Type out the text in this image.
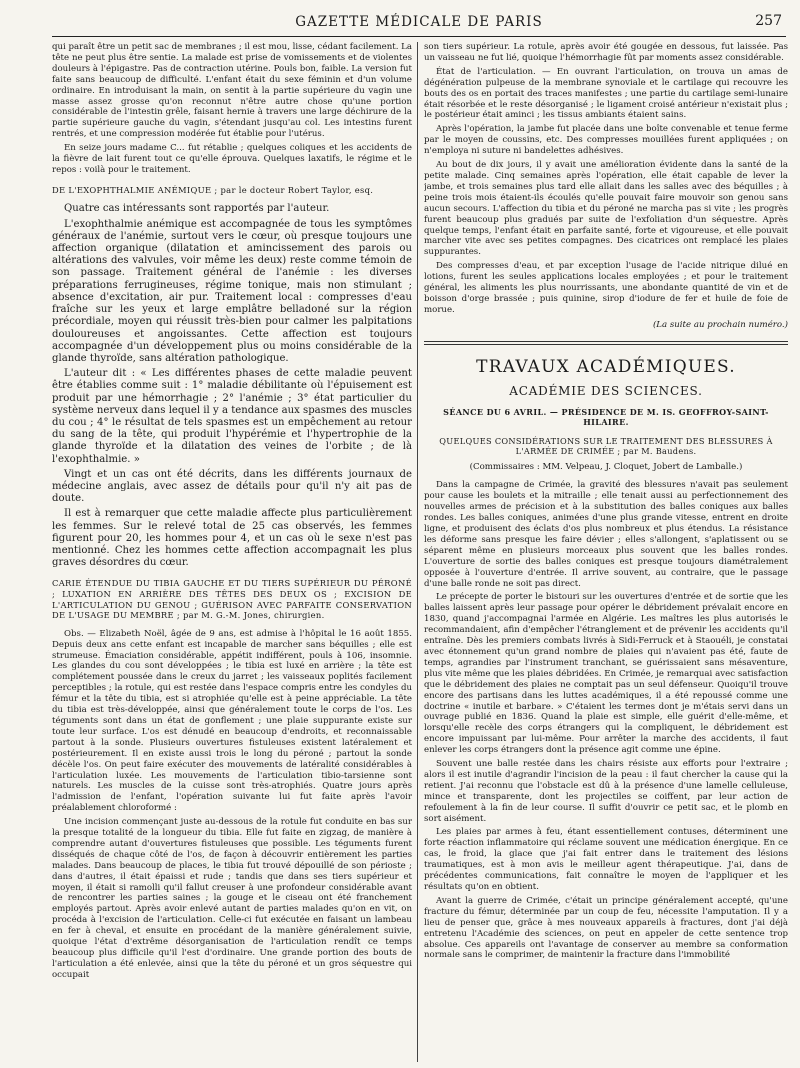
GAZETTE MÉDICALE DE PARIS	257

qui paraît être un petit sac de membranes ; il est mou, lisse, cédant facilement. La tête ne peut plus être sentie. La malade est prise de vomissements et de violentes douleurs à l'épigastre. Pas de contraction utérine. Pouls bon, faible. La version fut faite sans beaucoup de difficulté. L'enfant était du sexe féminin et d'un volume ordinaire. En introduisant la main, on sentit à la partie supérieure du vagin une masse assez grosse qu'on reconnut n'être autre chose qu'une portion considérable de l'intestin grêle, faisant hernie à travers une large déchirure de la partie supérieure gauche du vagin, s'étendant jusqu'au col. Les intestins furent rentrés, et une compression modérée fut établie pour l'utérus.

En seize jours madame C... fut rétablie ; quelques coliques et les accidents de la fièvre de lait furent tout ce qu'elle éprouva. Quelques laxatifs, le régime et le repos : voilà pour le traitement.

DE L'EXOPHTHALMIE ANÉMIQUE ; par le docteur Robert Taylor, esq.

Quatre cas intéressants sont rapportés par l'auteur.

L'exophthalmie anémique est accompagnée de tous les symptômes généraux de l'anémie, surtout vers le cœur, où presque toujours une affection organique (dilatation et amincissement des parois ou altérations des valvules, voir même les deux) reste comme témoin de son passage. Traitement général de l'anémie : les diverses préparations ferrugineuses, régime tonique, mais non stimulant ; absence d'excitation, air pur. Traitement local : compresses d'eau fraîche sur les yeux et large emplâtre belladoné sur la région précordiale, moyen qui réussit très-bien pour calmer les palpitations douloureuses et angoissantes. Cette affection est toujours accompagnée d'un développement plus ou moins considérable de la glande thyroïde, sans altération pathologique.

L'auteur dit : « Les différentes phases de cette maladie peuvent être établies comme suit : 1° maladie débilitante où l'épuisement est produit par une hémorrhagie ; 2° l'anémie ; 3° état particulier du système nerveux dans lequel il y a tendance aux spasmes des muscles du cou ; 4° le résultat de tels spasmes est un empêchement au retour du sang de la tête, qui produit l'hypérémie et l'hypertrophie de la glande thyroïde et la dilatation des veines de l'orbite ; de là l'exophthalmie. »

Vingt et un cas ont été décrits, dans les différents journaux de médecine anglais, avec assez de détails pour qu'il n'y ait pas de doute.

Il est à remarquer que cette maladie affecte plus particulièrement les femmes. Sur le relevé total de 25 cas observés, les femmes figurent pour 20, les hommes pour 4, et un cas où le sexe n'est pas mentionné. Chez les hommes cette affection accompagnait les plus graves désordres du cœur.

CARIE ÉTENDUE DU TIBIA GAUCHE ET DU TIERS SUPÉRIEUR DU PÉRONÉ ; LUXATION EN ARRIÈRE DES TÊTES DES DEUX OS ; EXCISION DE L'ARTICULATION DU GENOU ; GUÉRISON AVEC PARFAITE CONSERVATION DE L'USAGE DU MEMBRE ; par M. G.-M. Jones, chirurgien.

Obs. — Elizabeth Noël, âgée de 9 ans, est admise à l'hôpital le 16 août 1855. Depuis deux ans cette enfant est incapable de marcher sans béquilles ; elle est strumeuse. Émaciation considérable, appétit indifférent, pouls à 106, insomnie. Les glandes du cou sont développées ; le tibia est luxé en arrière ; la tête est complétement poussée dans le creux du jarret ; les vaisseaux poplités facilement perceptibles ; la rotule, qui est restée dans l'espace compris entre les condyles du fémur et la tête du tibia, est si atrophiée qu'elle est à peine appréciable. La tête du tibia est très-développée, ainsi que généralement toute le corps de l'os. Les téguments sont dans un état de gonflement ; une plaie suppurante existe sur toute leur surface. L'os est dénudé en beaucoup d'endroits, et reconnaissable partout à la sonde. Plusieurs ouvertures fistuleuses existent latéralement et postérieurement. Il en existe aussi trois le long du péroné ; partout la sonde décèle l'os. On peut faire exécuter des mouvements de latéralité considérables à l'articulation luxée. Les mouvements de l'articulation tibio-tarsienne sont naturels. Les muscles de la cuisse sont très-atrophiés. Quatre jours après l'admission de l'enfant, l'opération suivante lui fut faite après l'avoir préalablement chloroformé :

Une incision commençant juste au-dessous de la rotule fut conduite en bas sur la presque totalité de la longueur du tibia. Elle fut faite en zigzag, de manière à comprendre autant d'ouvertures fistuleuses que possible. Les téguments furent disséqués de chaque côté de l'os, de façon à découvrir entièrement les parties malades. Dans beaucoup de places, le tibia fut trouvé dépouillé de son périoste ; dans d'autres, il était épaissi et rude ; tandis que dans ses tiers supérieur et moyen, il était si ramolli qu'il fallut creuser à une profondeur considérable avant de rencontrer les parties saines ; la gouge et le ciseau ont été franchement employés partout. Après avoir enlevé autant de parties malades qu'on en vit, on procéda à l'excision de l'articulation. Celle-ci fut exécutée en faisant un lambeau en fer à cheval, et ensuite en procédant de la manière généralement suivie, quoique l'état d'extrême désorganisation de l'articulation rendît ce temps beaucoup plus difficile qu'il l'est d'ordinaire. Une grande portion des bouts de l'articulation a été enlevée, ainsi que la tête du péroné et un gros séquestre qui occupait

son tiers supérieur. La rotule, après avoir été gougée en dessous, fut laissée. Pas un vaisseau ne fut lié, quoique l'hémorrhagie fût par moments assez considérable.

État de l'articulation. — En ouvrant l'articulation, on trouva un amas de dégénération pulpeuse de la membrane synoviale et le cartilage qui recouvre les bouts des os en portait des traces manifestes ; une partie du cartilage semi-lunaire était résorbée et le reste désorganisé ; le ligament croisé antérieur n'existait plus ; le postérieur était aminci ; les tissus ambiants étaient sains.

Après l'opération, la jambe fut placée dans une boîte convenable et tenue ferme par le moyen de coussins, etc. Des compresses mouillées furent appliquées ; on n'employa ni suture ni bandelettes adhésives.

Au bout de dix jours, il y avait une amélioration évidente dans la santé de la petite malade. Cinq semaines après l'opération, elle était capable de lever la jambe, et trois semaines plus tard elle allait dans les salles avec des béquilles ; à peine trois mois étaient-ils écoulés qu'elle pouvait faire mouvoir son genou sans aucun secours. L'affection du tibia et du péroné ne marcha pas si vite ; les progrès furent beaucoup plus gradués par suite de l'exfoliation d'un séquestre. Après quelque temps, l'enfant était en parfaite santé, forte et vigoureuse, et elle pouvait marcher vite avec ses petites compagnes. Des cicatrices ont remplacé les plaies suppurantes.

Des compresses d'eau, et par exception l'usage de l'acide nitrique dilué en lotions, furent les seules applications locales employées ; et pour le traitement général, les aliments les plus nourrissants, une abondante quantité de vin et de boisson d'orge brassée ; puis quinine, sirop d'iodure de fer et huile de foie de morue.

(La suite au prochain numéro.)

TRAVAUX ACADÉMIQUES.
ACADÉMIE DES SCIENCES.
SÉANCE DU 6 AVRIL. — PRÉSIDENCE DE M. IS. GEOFFROY-SAINT-HILAIRE.

QUELQUES CONSIDÉRATIONS SUR LE TRAITEMENT DES BLESSURES À L'ARMÉE DE CRIMÉE ; par M. Baudens.

(Commissaires : MM. Velpeau, J. Cloquet, Jobert de Lamballe.)

Dans la campagne de Crimée, la gravité des blessures n'avait pas seulement pour cause les boulets et la mitraille ; elle tenait aussi au perfectionnement des nouvelles armes de précision et à la substitution des balles coniques aux balles rondes. Les balles coniques, animées d'une plus grande vitesse, entrent en droite ligne, et produisent des éclats d'os plus nombreux et plus étendus. La résistance les déforme sans presque les faire dévier ; elles s'allongent, s'aplatissent ou se séparent même en plusieurs morceaux plus souvent que les balles rondes. L'ouverture de sortie des balles coniques est presque toujours diamétralement opposée à l'ouverture d'entrée. Il arrive souvent, au contraire, que le passage d'une balle ronde ne soit pas direct.

Le précepte de porter le bistouri sur les ouvertures d'entrée et de sortie que les balles laissent après leur passage pour opérer le débridement prévalait encore en 1830, quand j'accompagnai l'armée en Algérie. Les maîtres les plus autorisés le recommandaient, afin d'empêcher l'étranglement et de prévenir les accidents qu'il entraîne. Dès les premiers combats livrés à Sidi-Ferruck et à Staouéli, je constatai avec étonnement qu'un grand nombre de plaies qui n'avaient pas été, faute de temps, agrandies par l'instrument tranchant, se guérissaient sans mésaventure, plus vite même que les plaies débridées. En Crimée, je remarquai avec satisfaction que le débridement des plaies ne comptait pas un seul défenseur. Quoiqu'il trouve encore des partisans dans les luttes académiques, il a été repoussé comme une doctrine « inutile et barbare. » C'étaient les termes dont je m'étais servi dans un ouvrage publié en 1836. Quand la plaie est simple, elle guérit d'elle-même, et lorsqu'elle recèle des corps étrangers qui la compliquent, le débridement est encore impuissant par lui-même. Pour arrêter la marche des accidents, il faut enlever les corps étrangers dont la présence agit comme une épine.

Souvent une balle restée dans les chairs résiste aux efforts pour l'extraire ; alors il est inutile d'agrandir l'incision de la peau : il faut chercher la cause qui la retient. J'ai reconnu que l'obstacle est dû à la présence d'une lamelle celluleuse, mince et transparente, dont les projectiles se coiffent, par leur action de refoulement à la fin de leur course. Il suffit d'ouvrir ce petit sac, et le plomb en sort aisément.

Les plaies par armes à feu, étant essentiellement contuses, déterminent une forte réaction inflammatoire qui réclame souvent une médication énergique. En ce cas, le froid, la glace que j'ai fait entrer dans le traitement des lésions traumatiques, est à mon avis le meilleur agent thérapeutique. J'ai, dans de précédentes communications, fait connaître le moyen de l'appliquer et les résultats qu'on en obtient.

Avant la guerre de Crimée, c'était un principe généralement accepté, qu'une fracture du fémur, déterminée par un coup de feu, nécessite l'amputation. Il y a lieu de penser que, grâce à mes nouveaux appareils à fractures, dont j'ai déjà entretenu l'Académie des sciences, on peut en appeler de cette sentence trop absolue. Ces appareils ont l'avantage de conserver au membre sa conformation normale sans le comprimer, de maintenir la fracture dans l'immobilité
